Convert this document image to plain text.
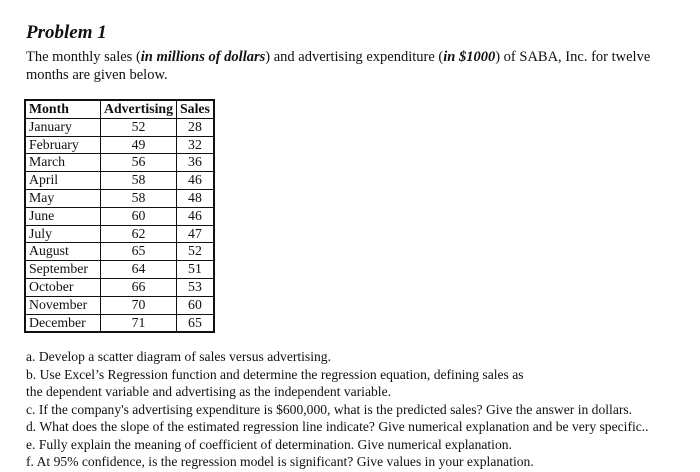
Problem 1
The monthly sales (in millions of dollars) and advertising expenditure (in $1000) of SABA, Inc. for twelve months are given below.
Month	Advertising	Sales
January	52	28
February	49	32
March	56	36
April	58	46
May	58	48
June	60	46
July	62	47
August	65	52
September	64	51
October	66	53
November	70	60
December	71	65

a. Develop a scatter diagram of sales versus advertising.

b. Use Excel’s Regression function and determine the regression equation, defining sales as

the dependent variable and advertising as the independent variable.

c. If the company's advertising expenditure is $600,000, what is the predicted sales? Give the answer in dollars.

d. What does the slope of the estimated regression line indicate? Give numerical explanation and be very specific..

e. Fully explain the meaning of coefficient of determination. Give numerical explanation.

f. At 95% confidence, is the regression model is significant? Give values in your explanation.
